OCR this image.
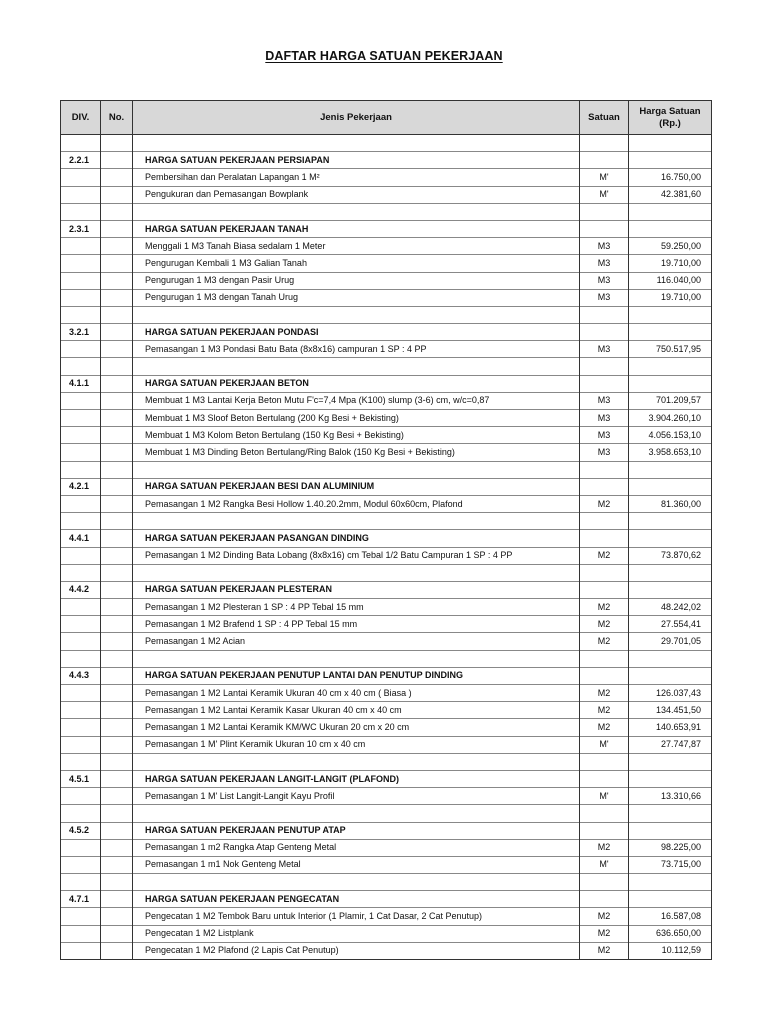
DAFTAR HARGA SATUAN PEKERJAAN
DIV.	No.	Jenis Pekerjaan	Satuan	Harga Satuan
(Rp.)

2.2.1		HARGA SATUAN PEKERJAAN PERSIAPAN		
		Pembersihan dan Peralatan Lapangan 1 M²	M'	16.750,00
		Pengukuran dan Pemasangan Bowplank	M'	42.381,60

2.3.1		HARGA SATUAN PEKERJAAN TANAH		
		Menggali 1 M3 Tanah Biasa sedalam 1 Meter	M3	59.250,00
		Pengurugan Kembali 1 M3 Galian Tanah	M3	19.710,00
		Pengurugan 1 M3 dengan Pasir Urug	M3	116.040,00
		Pengurugan 1 M3 dengan Tanah Urug	M3	19.710,00

3.2.1		HARGA SATUAN PEKERJAAN PONDASI		
		Pemasangan 1 M3 Pondasi Batu Bata (8x8x16) campuran 1 SP : 4 PP	M3	750.517,95

4.1.1		HARGA SATUAN PEKERJAAN BETON		
		Membuat 1 M3 Lantai Kerja Beton Mutu F'c=7,4 Mpa (K100) slump (3-6) cm, w/c=0,87	M3	701.209,57
		Membuat 1 M3 Sloof Beton Bertulang (200 Kg Besi + Bekisting)	M3	3.904.260,10
		Membuat 1 M3 Kolom Beton Bertulang (150 Kg Besi + Bekisting)	M3	4.056.153,10
		Membuat 1 M3 Dinding Beton Bertulang/Ring Balok (150 Kg Besi + Bekisting)	M3	3.958.653,10

4.2.1		HARGA SATUAN PEKERJAAN BESI DAN ALUMINIUM		
		Pemasangan 1 M2 Rangka Besi Hollow 1.40.20.2mm, Modul 60x60cm, Plafond	M2	81.360,00

4.4.1		HARGA SATUAN PEKERJAAN PASANGAN DINDING		
		Pemasangan 1 M2 Dinding Bata Lobang (8x8x16) cm Tebal 1/2 Batu Campuran 1 SP : 4 PP	M2	73.870,62

4.4.2		HARGA SATUAN PEKERJAAN PLESTERAN		
		Pemasangan 1 M2 Plesteran 1 SP : 4 PP Tebal 15 mm	M2	48.242,02
		Pemasangan 1 M2 Brafend 1 SP : 4 PP Tebal 15 mm	M2	27.554,41
		Pemasangan 1 M2 Acian	M2	29.701,05

4.4.3		HARGA SATUAN PEKERJAAN PENUTUP LANTAI DAN PENUTUP DINDING		
		Pemasangan 1 M2 Lantai Keramik Ukuran 40 cm x 40 cm ( Biasa )	M2	126.037,43
		Pemasangan 1 M2 Lantai Keramik Kasar Ukuran 40 cm x 40 cm	M2	134.451,50
		Pemasangan 1 M2 Lantai Keramik KM/WC Ukuran 20 cm x 20 cm	M2	140.653,91
		Pemasangan 1 M' Plint Keramik Ukuran 10 cm x 40 cm	M'	27.747,87

4.5.1		HARGA SATUAN PEKERJAAN LANGIT-LANGIT (PLAFOND)		
		Pemasangan 1 M' List Langit-Langit Kayu Profil	M'	13.310,66

4.5.2		HARGA SATUAN PEKERJAAN PENUTUP ATAP		
		Pemasangan 1 m2 Rangka Atap Genteng Metal	M2	98.225,00
		Pemasangan 1 m1 Nok Genteng Metal	M'	73.715,00

4.7.1		HARGA SATUAN PEKERJAAN PENGECATAN		
		Pengecatan 1 M2 Tembok Baru untuk Interior (1 Plamir, 1 Cat Dasar, 2 Cat Penutup)	M2	16.587,08
		Pengecatan 1 M2 Listplank	M2	636.650,00
		Pengecatan 1 M2 Plafond (2 Lapis Cat Penutup)	M2	10.112,59
